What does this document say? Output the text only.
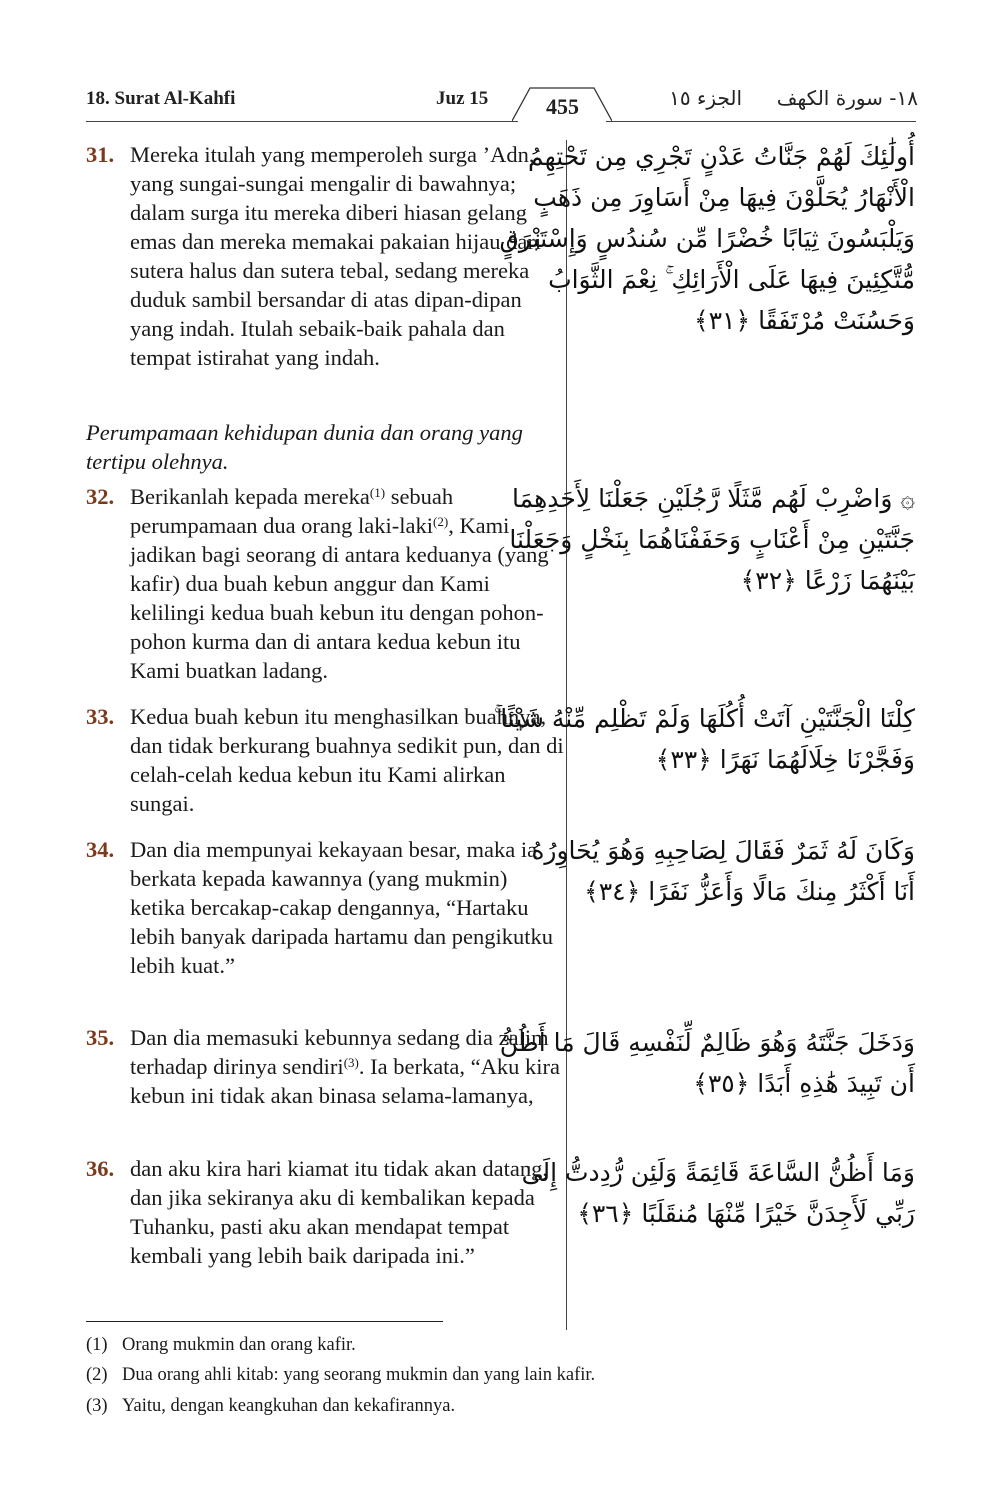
18. Surat Al-Kahfi	Juz 15	455	الجزء ١٥	١٨- سورة الكهف
31. Mereka itulah yang memperoleh surga ’Adn, yang sungai-sungai mengalir di bawahnya; dalam surga itu mereka diberi hiasan gelang emas dan mereka memakai pakaian hijau dari sutera halus dan sutera tebal, sedang mereka duduk sambil bersandar di atas dipan-dipan yang indah. Itulah sebaik-baik pahala dan tempat istirahat yang indah.
أُولَٰئِكَ لَهُمْ جَنَّاتُ عَدْنٍ تَجْرِي مِن تَحْتِهِمُ
الْأَنْهَارُ يُحَلَّوْنَ فِيهَا مِنْ أَسَاوِرَ مِن ذَهَبٍ
وَيَلْبَسُونَ ثِيَابًا خُضْرًا مِّن سُندُسٍ وَإِسْتَبْرَقٍ
مُّتَّكِئِينَ فِيهَا عَلَى الْأَرَائِكِ ۚ نِعْمَ الثَّوَابُ
وَحَسُنَتْ مُرْتَفَقًا ﴿٣١﴾
Perumpamaan kehidupan dunia dan orang yang tertipu olehnya.
32. Berikanlah kepada mereka$^{(1)}$ sebuah perumpamaan dua orang laki-laki$^{(2)}$, Kami jadikan bagi seorang di antara keduanya (yang kafir) dua buah kebun anggur dan Kami kelilingi kedua buah kebun itu dengan pohon-pohon kurma dan di antara kedua kebun itu Kami buatkan ladang.
۞ وَاضْرِبْ لَهُم مَّثَلًا رَّجُلَيْنِ جَعَلْنَا لِأَحَدِهِمَا
جَنَّتَيْنِ مِنْ أَعْنَابٍ وَحَفَفْنَاهُمَا بِنَخْلٍ وَجَعَلْنَا
بَيْنَهُمَا زَرْعًا ﴿٣٢﴾
33. Kedua buah kebun itu menghasilkan buahnya, dan tidak berkurang buahnya sedikit pun, dan di celah-celah kedua kebun itu Kami alirkan sungai.
كِلْتَا الْجَنَّتَيْنِ آتَتْ أُكُلَهَا وَلَمْ تَظْلِم مِّنْهُ شَيْئًا ۚ
وَفَجَّرْنَا خِلَالَهُمَا نَهَرًا ﴿٣٣﴾
34. Dan dia mempunyai kekayaan besar, maka ia berkata kepada kawannya (yang mukmin) ketika bercakap-cakap dengannya, “Hartaku lebih banyak daripada hartamu dan pengikutku lebih kuat.”
وَكَانَ لَهُ ثَمَرٌ فَقَالَ لِصَاحِبِهِ وَهُوَ يُحَاوِرُهُ
أَنَا أَكْثَرُ مِنكَ مَالًا وَأَعَزُّ نَفَرًا ﴿٣٤﴾
35. Dan dia memasuki kebunnya sedang dia zalim terhadap dirinya sendiri$^{(3)}$. Ia berkata, “Aku kira kebun ini tidak akan binasa selama-lamanya,
وَدَخَلَ جَنَّتَهُ وَهُوَ ظَالِمٌ لِّنَفْسِهِ قَالَ مَا أَظُنُّ
أَن تَبِيدَ هَٰذِهِ أَبَدًا ﴿٣٥﴾
36. dan aku kira hari kiamat itu tidak akan datang, dan jika sekiranya aku di kembalikan kepada Tuhanku, pasti aku akan mendapat tempat kembali yang lebih baik daripada ini.”
وَمَا أَظُنُّ السَّاعَةَ قَائِمَةً وَلَئِن رُّدِدتُّ إِلَىٰ
رَبِّي لَأَجِدَنَّ خَيْرًا مِّنْهَا مُنقَلَبًا ﴿٣٦﴾
(1) Orang mukmin dan orang kafir.
(2) Dua orang ahli kitab: yang seorang mukmin dan yang lain kafir.
(3) Yaitu, dengan keangkuhan dan kekafirannya.
